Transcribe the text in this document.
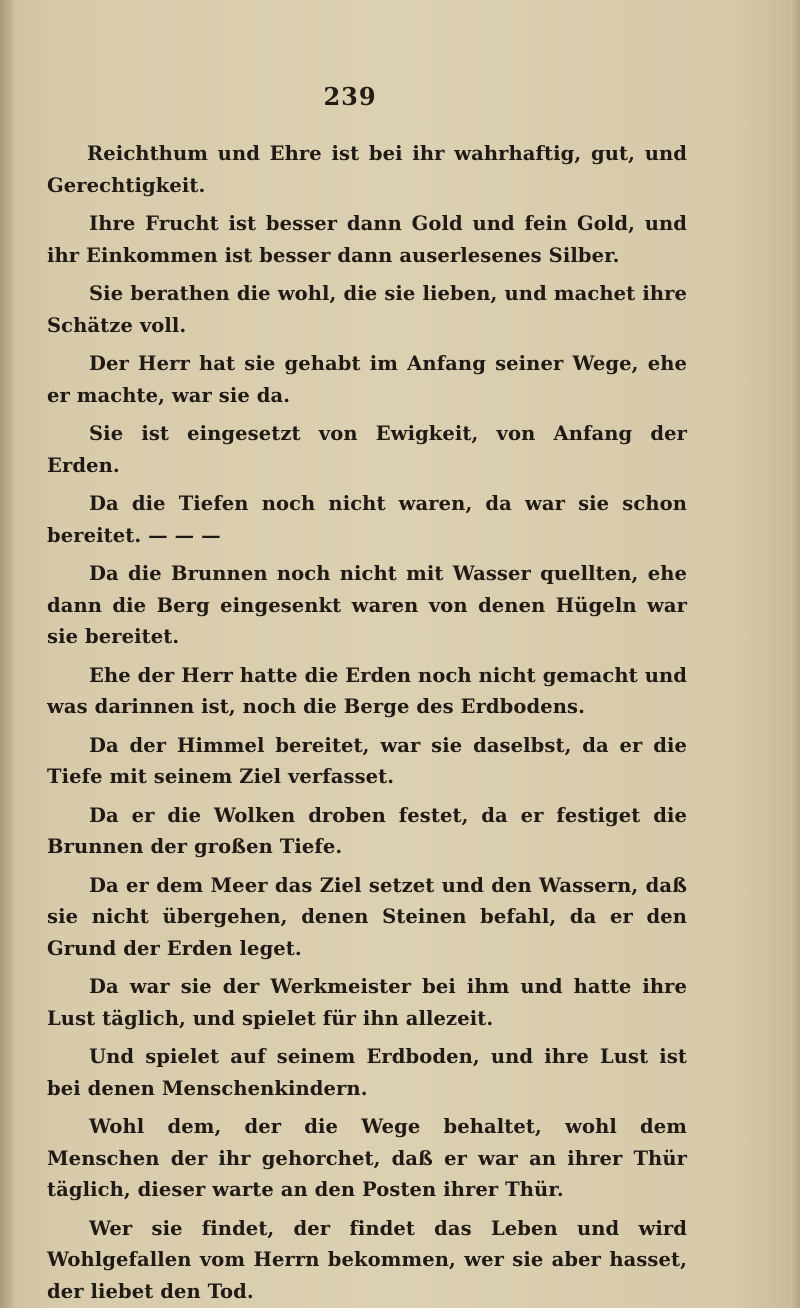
239

Reichthum und Ehre ist bei ihr wahrhaftig, gut, und Gerechtigkeit.

Ihre Frucht ist besser dann Gold und fein Gold, und ihr Einkommen ist besser dann auserlesenes Silber.

Sie berathen die wohl, die sie lieben, und machet ihre Schätze voll.

Der Herr hat sie gehabt im Anfang seiner Wege, ehe er machte, war sie da.

Sie ist eingesetzt von Ewigkeit, von Anfang der Erden.

Da die Tiefen noch nicht waren, da war sie schon bereitet. — — —

Da die Brunnen noch nicht mit Wasser quellten, ehe dann die Berg eingesenkt waren von denen Hügeln war sie bereitet.

Ehe der Herr hatte die Erden noch nicht gemacht und was darinnen ist, noch die Berge des Erdbodens.

Da der Himmel bereitet, war sie daselbst, da er die Tiefe mit seinem Ziel verfasset.

Da er die Wolken droben festet, da er festiget die Brunnen der großen Tiefe.

Da er dem Meer das Ziel setzet und den Wassern, daß sie nicht übergehen, denen Steinen befahl, da er den Grund der Erden leget.

Da war sie der Werkmeister bei ihm und hatte ihre Lust täglich, und spielet für ihn allezeit.

Und spielet auf seinem Erdboden, und ihre Lust ist bei denen Menschenkindern.

Wohl dem, der die Wege behaltet, wohl dem Menschen der ihr gehorchet, daß er war an ihrer Thür täglich, dieser warte an den Posten ihrer Thür.

Wer sie findet, der findet das Leben und wird Wohlgefallen vom Herrn bekommen, wer sie aber hasset, der liebet den Tod.
